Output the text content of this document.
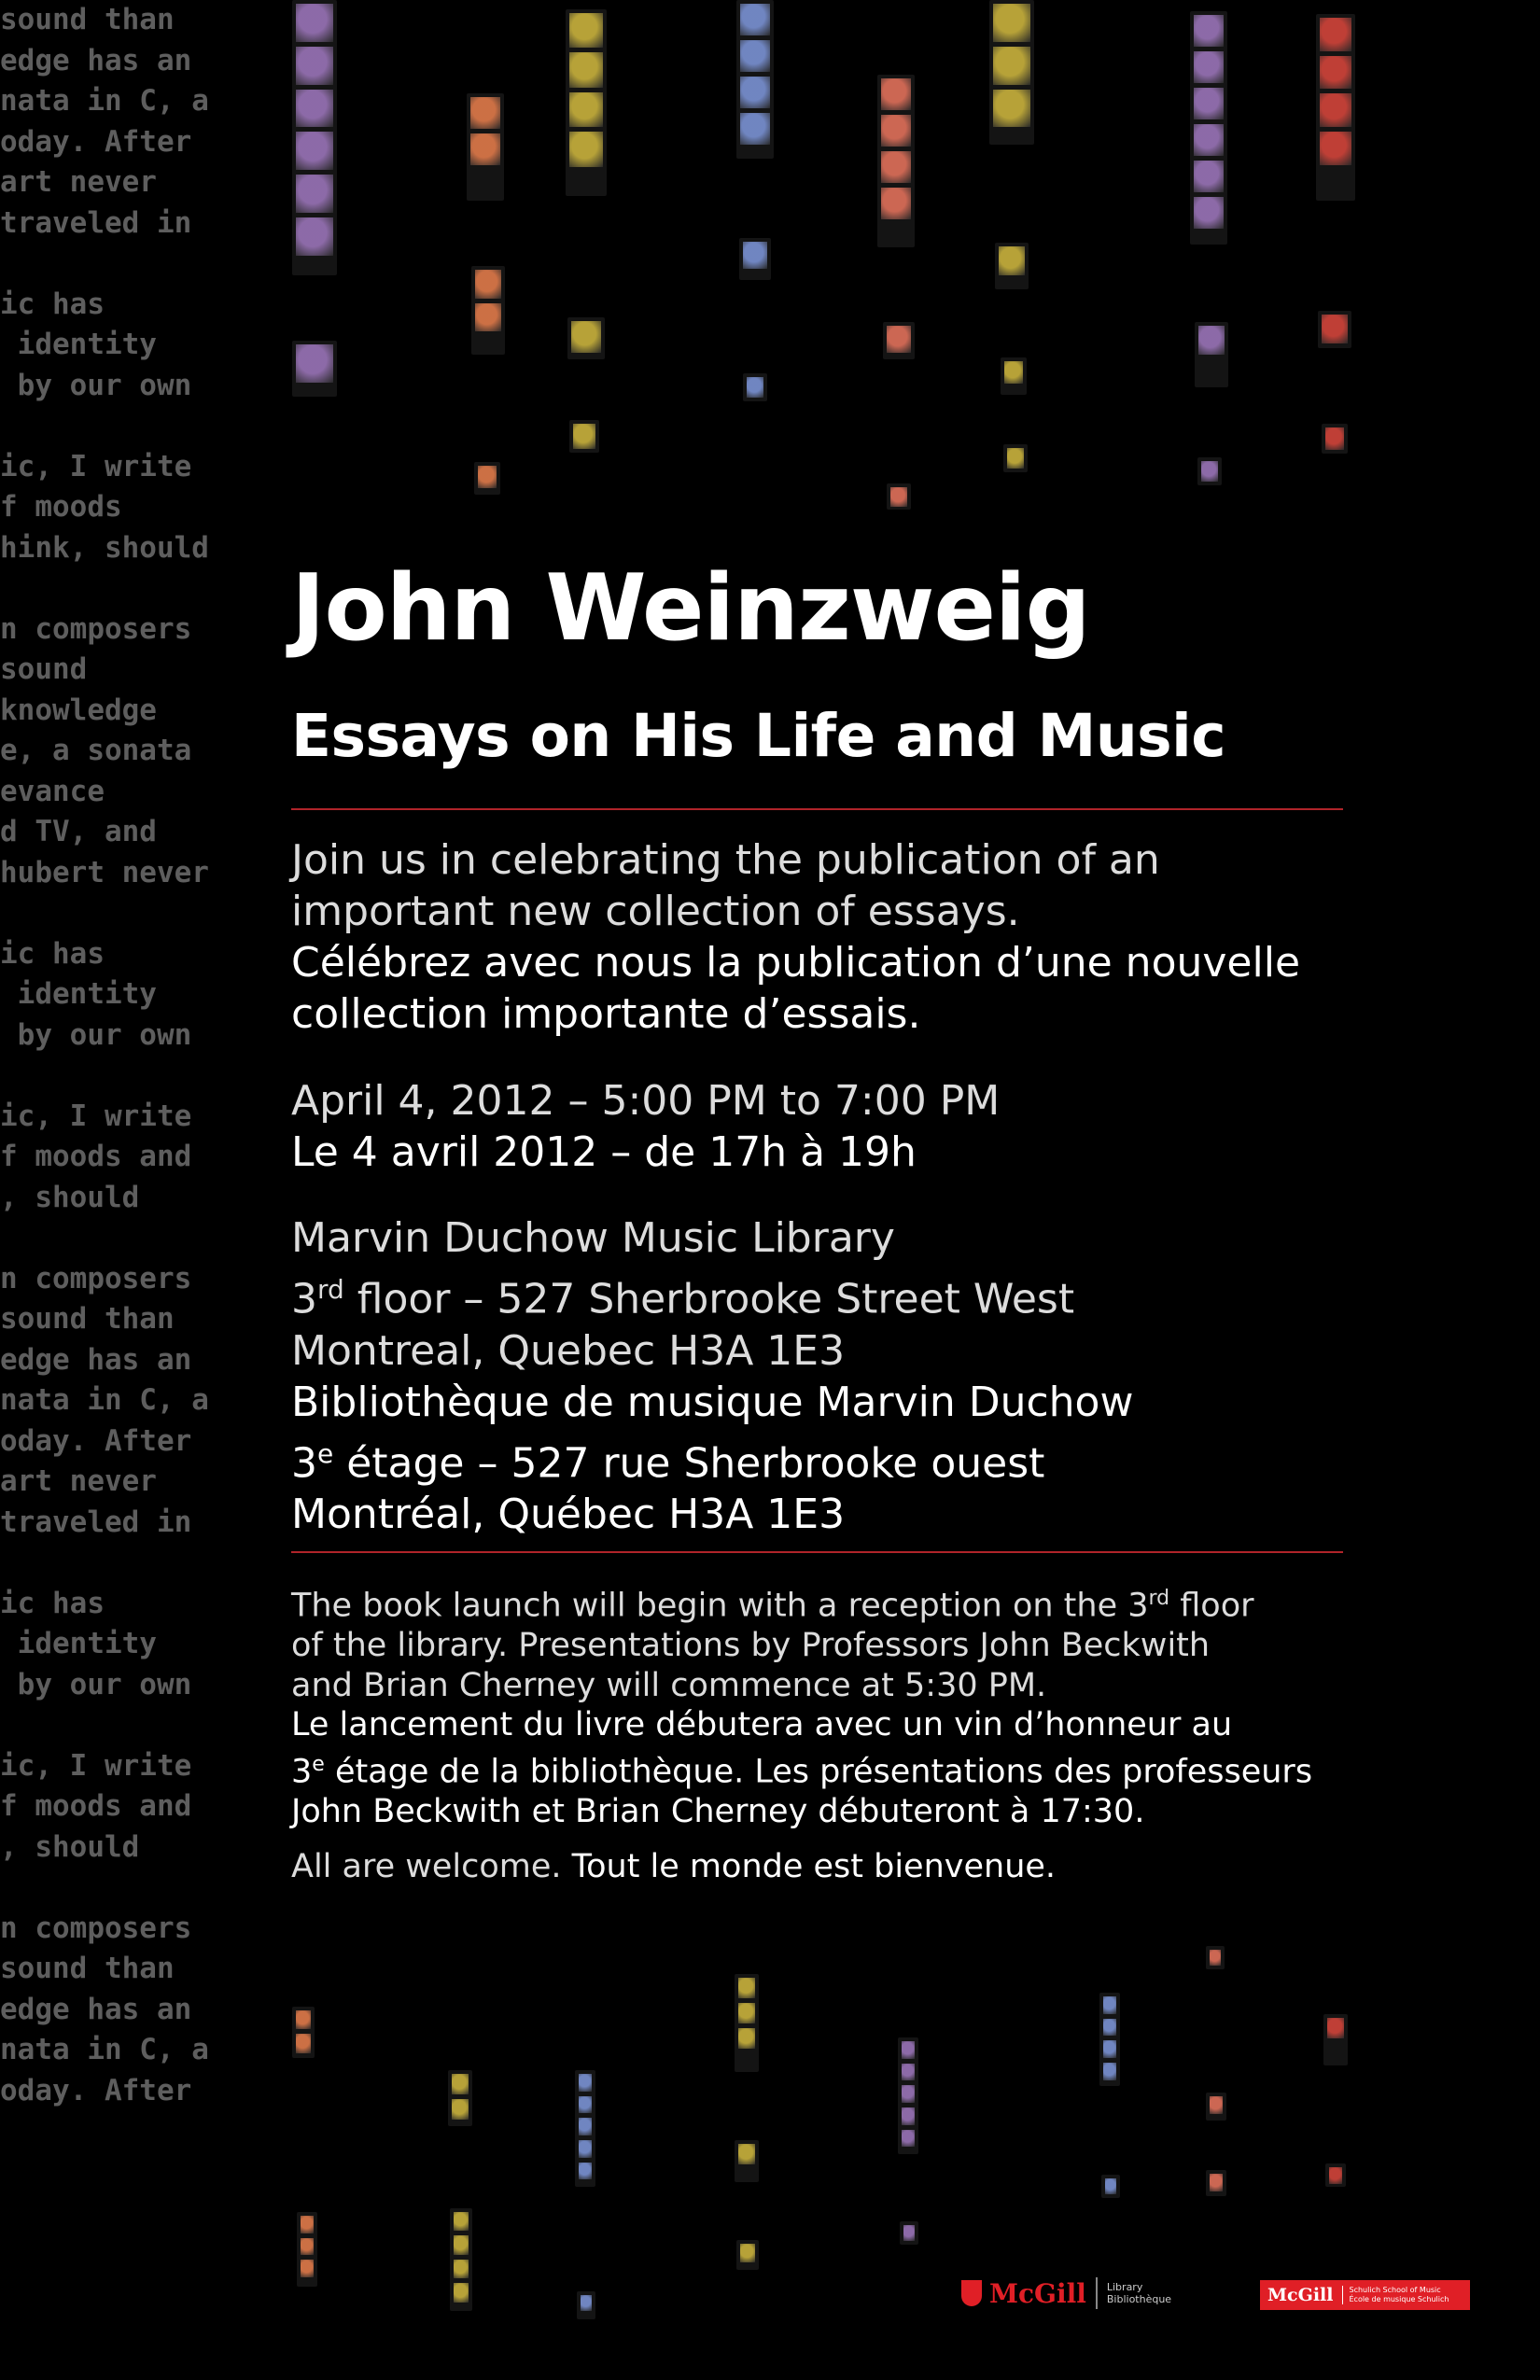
sound than
edge has an
nata in C, a
oday. After
art never
traveled in
ic has
identity
by our own
ic, I write
f moods
hink, should
n composers
sound
knowledge
e, a sonata
evance
d TV, and
hubert never
ic has
identity
by our own
ic, I write
f moods and
, should
n composers
sound than
edge has an
nata in C, a
oday. After
art never
traveled in
ic has
identity
by our own
ic, I write
f moods and
, should
n composers
sound than
edge has an
nata in C, a
oday. After
John Weinzweig
Essays on His Life and Music
Join us in celebrating the publication of an
important new collection of essays.
Célébrez avec nous la publication d’une nouvelle
collection importante d’essais.
April 4, 2012 – 5:00 PM to 7:00 PM
Le 4 avril 2012 – de 17h à 19h
Marvin Duchow Music Library
3rd floor – 527 Sherbrooke Street West
Montreal, Quebec H3A 1E3
Bibliothèque de musique Marvin Duchow
3e étage – 527 rue Sherbrooke ouest
Montréal, Québec H3A 1E3
The book launch will begin with a reception on the 3rd floor
of the library. Presentations by Professors John Beckwith
and Brian Cherney will commence at 5:30 PM.
Le lancement du livre débutera avec un vin d’honneur au
3e étage de la bibliothèque. Les présentations des professeurs
John Beckwith et Brian Cherney débuteront à 17:30.
All are welcome. Tout le monde est bienvenue.
McGill Library
Bibliothèque	McGill Schulich School of Music
École de musique Schulich
